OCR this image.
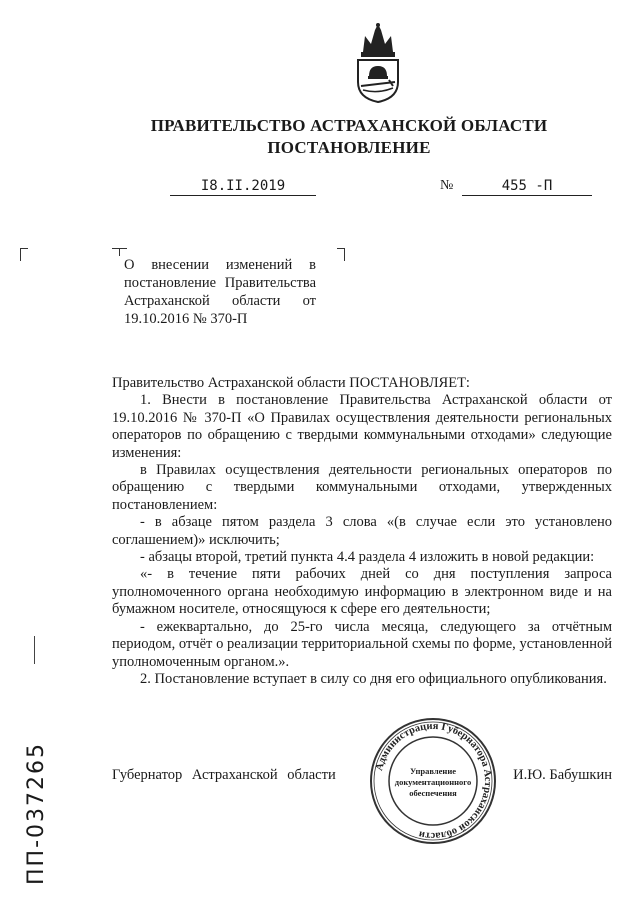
ПРАВИТЕЛЬСТВО АСТРАХАНСКОЙ ОБЛАСТИ
ПОСТАНОВЛЕНИЕ
I8.II.2019	№	455 -П
О внесении изменений в постановление Правительства Астраханской области от 19.10.2016 № 370-П

Правительство Астраханской области ПОСТАНОВЛЯЕТ:

1. Внести в постановление Правительства Астраханской области от 19.10.2016 № 370-П «О Правилах осуществления деятельности региональных операторов по обращению с твердыми коммунальными отходами» следующие изменения:

в Правилах осуществления деятельности региональных операторов по обращению с твердыми коммунальными отходами, утвержденных постановлением:

- в абзаце пятом раздела 3 слова «(в случае если это установлено соглашением)» исключить;

- абзацы второй, третий пункта 4.4 раздела 4 изложить в новой редакции:

«- в течение пяти рабочих дней со дня поступления запроса уполномоченного органа необходимую информацию в электронном виде и на бумажном носителе, относящуюся к сфере его деятельности;

- ежеквартально, до 25-го числа месяца, следующего за отчётным периодом, отчёт о реализации территориальной схемы по форме, установленной уполномоченным органом.».

2. Постановление вступает в силу со дня его официального опубликования.

Администрация Губернатора Астраханской области
Управление
документационного
обеспечения
Губернатор Астраханской области	И.Ю. Бабушкин
ПП-037265
